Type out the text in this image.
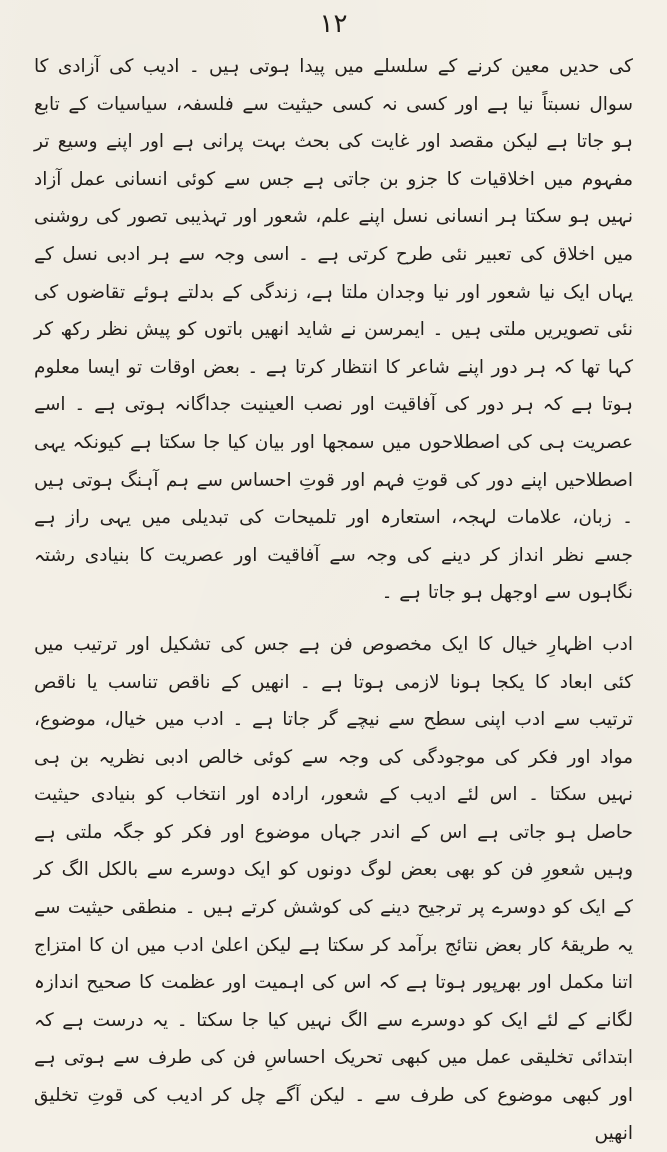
۱۲

کی حدیں معین کرنے کے سلسلے میں پیدا ہوتی ہیں ۔ ادیب کی آزادی کا سوال نسبتاً نیا ہے اور کسی نہ کسی حیثیت سے فلسفہ، سیاسیات کے تابع ہو جاتا ہے لیکن مقصد اور غایت کی بحث بہت پرانی ہے اور اپنے وسیع تر مفہوم میں اخلاقیات کا جزو بن جاتی ہے جس سے کوئی انسانی عمل آزاد نہیں ہو سکتا ہر انسانی نسل اپنے علم، شعور اور تہذیبی تصور کی روشنی میں اخلاق کی تعبیر نئی طرح کرتی ہے ۔ اسی وجہ سے ہر ادبی نسل کے یہاں ایک نیا شعور اور نیا وجدان ملتا ہے، زندگی کے بدلتے ہوئے تقاضوں کی نئی تصویریں ملتی ہیں ۔ ایمرسن نے شاید انھیں باتوں کو پیش نظر رکھ کر کہا تھا کہ ہر دور اپنے شاعر کا انتظار کرتا ہے ۔ بعض اوقات تو ایسا معلوم ہوتا ہے کہ ہر دور کی آفاقیت اور نصب العینیت جداگانہ ہوتی ہے ۔ اسے عصریت ہی کی اصطلاحوں میں سمجھا اور بیان کیا جا سکتا ہے کیونکہ یہی اصطلاحیں اپنے دور کی قوتِ فہم اور قوتِ احساس سے ہم آہنگ ہوتی ہیں ۔ زبان، علامات لہجہ، استعارہ اور تلمیحات کی تبدیلی میں یہی راز ہے جسے نظر انداز کر دینے کی وجہ سے آفاقیت اور عصریت کا بنیادی رشتہ نگاہوں سے اوجھل ہو جاتا ہے ۔

ادب اظہارِ خیال کا ایک مخصوص فن ہے جس کی تشکیل اور ترتیب میں کئی ابعاد کا یکجا ہونا لازمی ہوتا ہے ۔ انھیں کے ناقص تناسب یا ناقص ترتیب سے ادب اپنی سطح سے نیچے گر جاتا ہے ۔ ادب میں خیال، موضوع، مواد اور فکر کی موجودگی کی وجہ سے کوئی خالص ادبی نظریہ بن ہی نہیں سکتا ۔ اس لئے ادیب کے شعور، ارادہ اور انتخاب کو بنیادی حیثیت حاصل ہو جاتی ہے اس کے اندر جہاں موضوع اور فکر کو جگہ ملتی ہے وہیں شعورِ فن کو بھی بعض لوگ دونوں کو ایک دوسرے سے بالکل الگ کر کے ایک کو دوسرے پر ترجیح دینے کی کوشش کرتے ہیں ۔ منطقی حیثیت سے یہ طریقۂ کار بعض نتائج برآمد کر سکتا ہے لیکن اعلیٰ ادب میں ان کا امتزاج اتنا مکمل اور بھرپور ہوتا ہے کہ اس کی اہمیت اور عظمت کا صحیح اندازہ لگانے کے لئے ایک کو دوسرے سے الگ نہیں کیا جا سکتا ۔ یہ درست ہے کہ ابتدائی تخلیقی عمل میں کبھی تحریک احساسِ فن کی طرف سے ہوتی ہے اور کبھی موضوع کی طرف سے ۔ لیکن آگے چل کر ادیب کی قوتِ تخلیق انھیں
